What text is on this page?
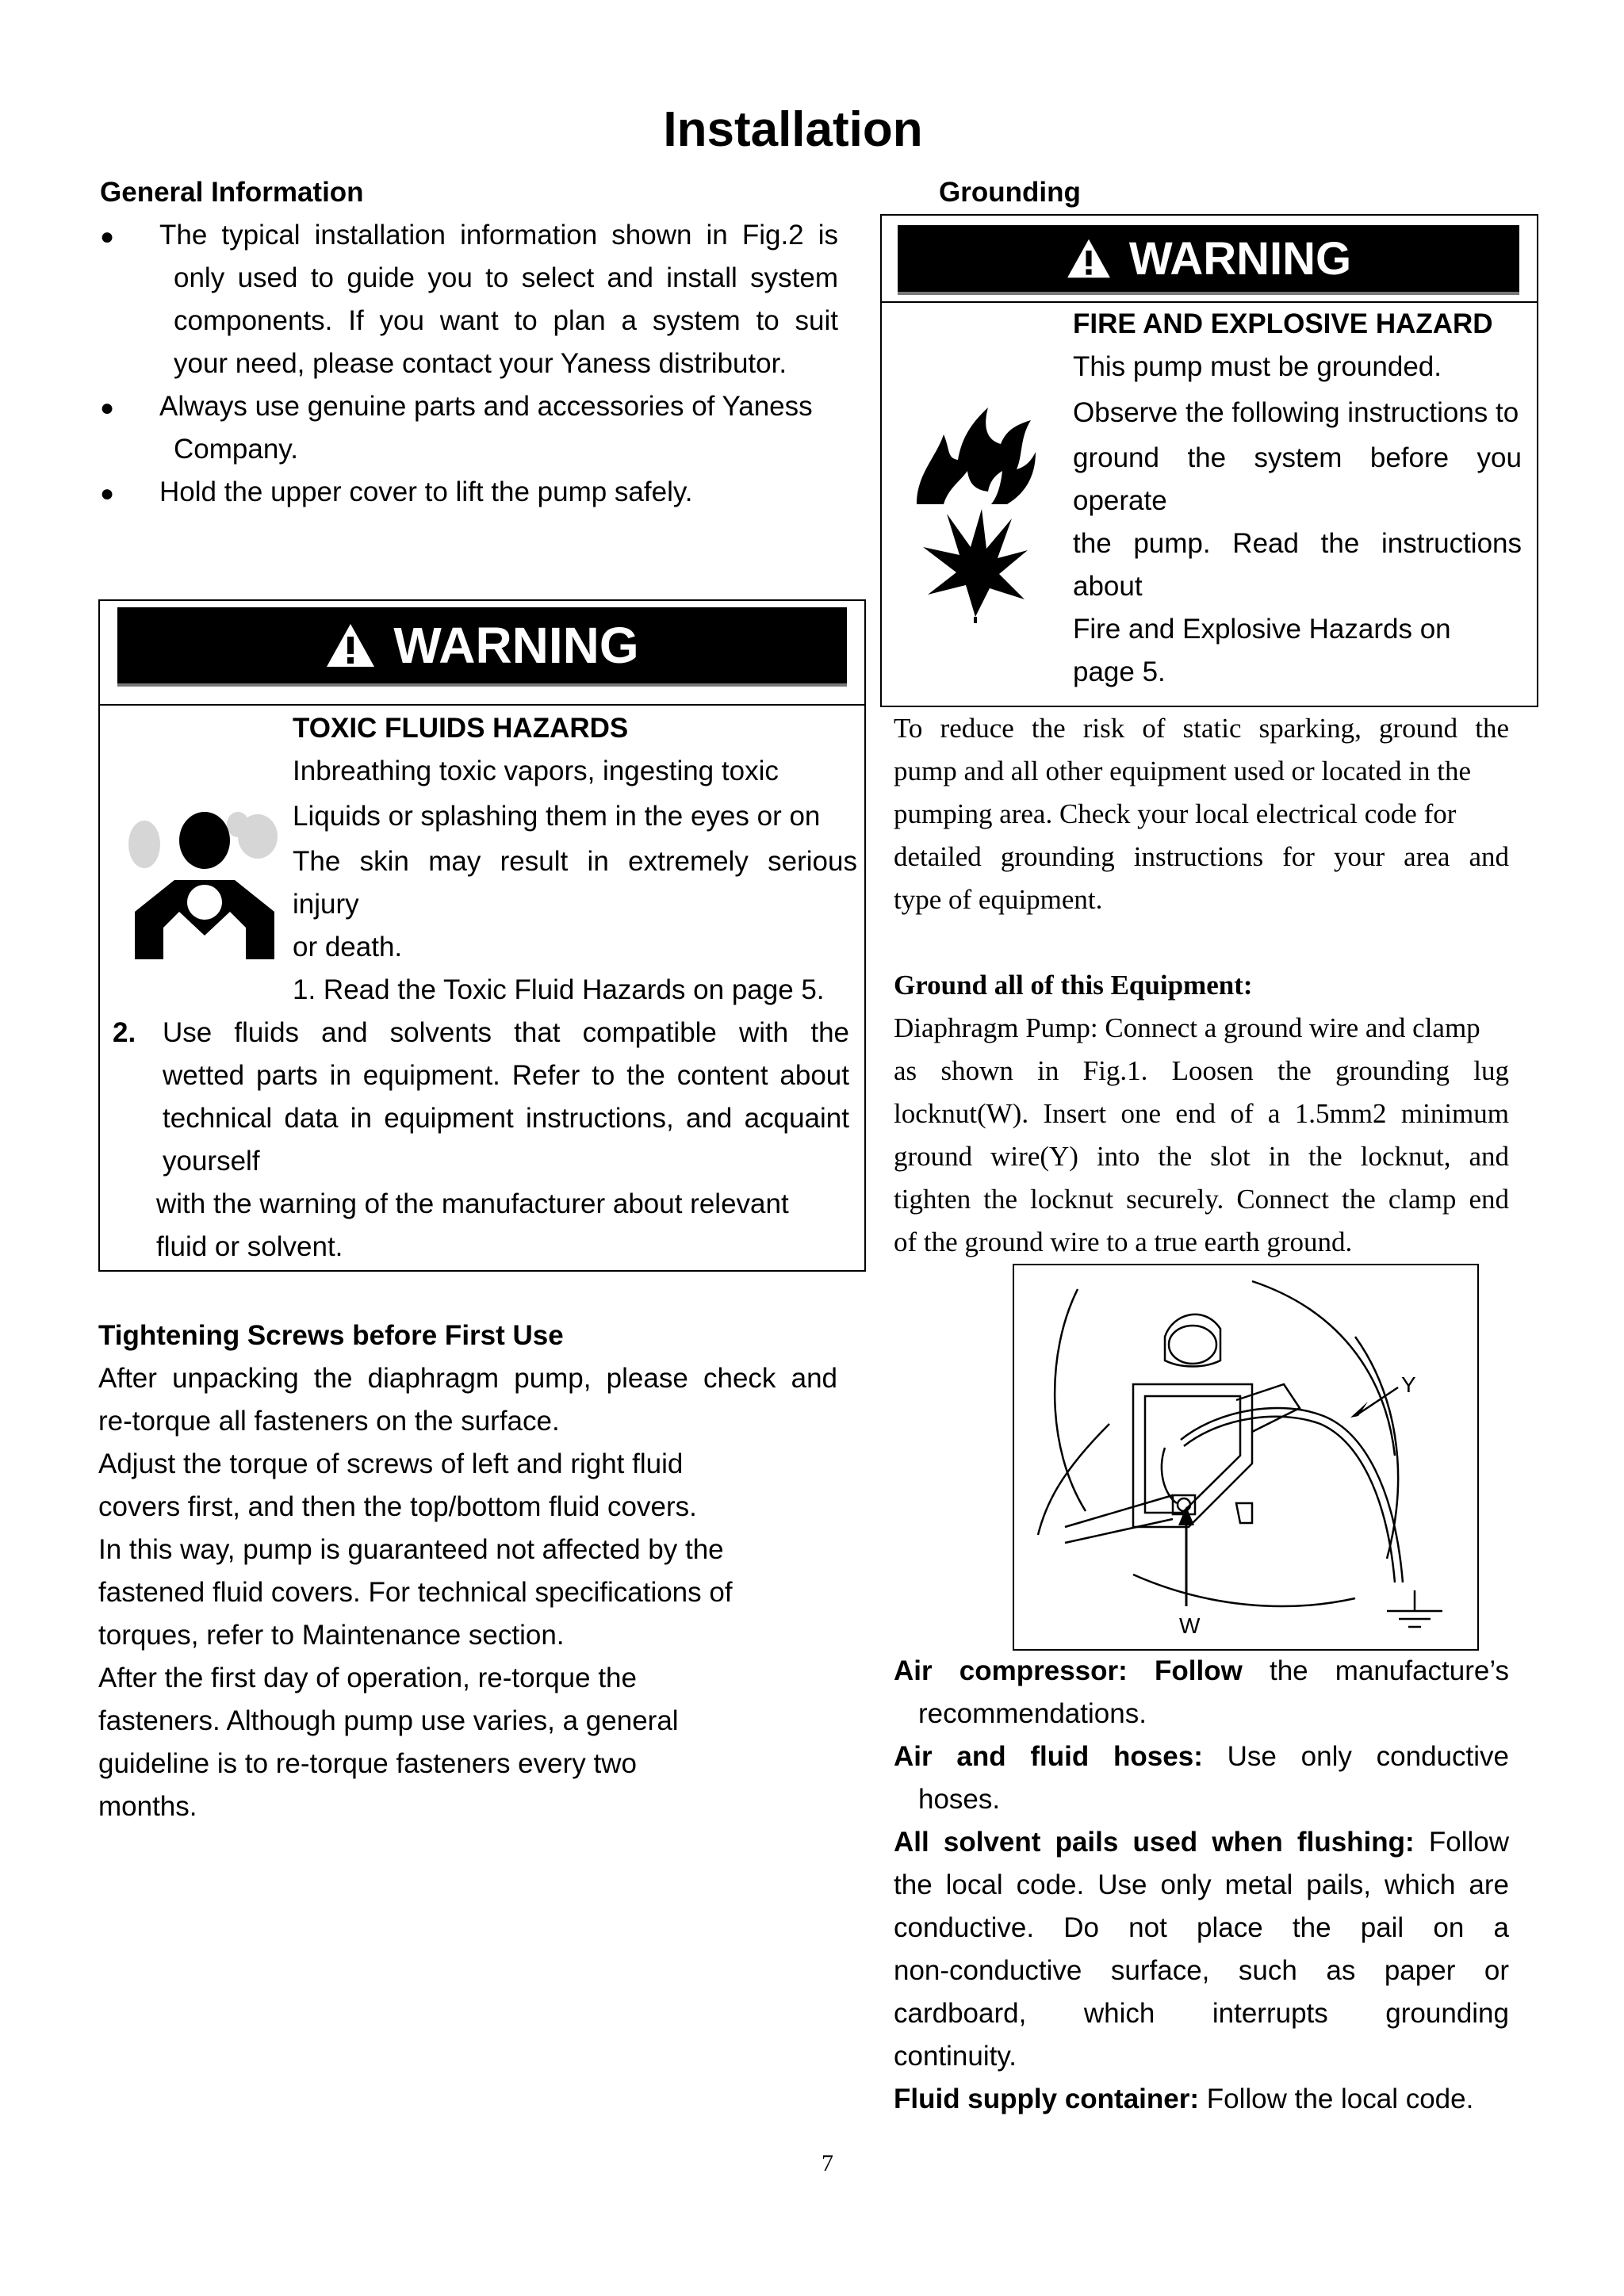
Installation
General Information
● The typical installation information shown in Fig.2 is
only used to guide you to select and install system
components. If you want to plan a system to suit
your need, please contact your Yaness distributor.
● Always use genuine parts and accessories of Yaness
Company.
● Hold the upper cover to lift the pump safely.
WARNING
TOXIC FLUIDS HAZARDS
Inbreathing toxic vapors, ingesting toxic
Liquids or splashing them in the eyes or on
The skin may result in extremely serious
injury
or death.
1. Read the Toxic Fluid Hazards on page 5.
2. Use fluids and solvents that compatible with the
wetted parts in equipment. Refer to the content about
technical data in equipment instructions, and acquaint
yourself
with the warning of the manufacturer about relevant
fluid or solvent.
Tightening Screws before First Use
After unpacking the diaphragm pump, please check and
re-torque all fasteners on the surface.
Adjust the torque of screws of left and right fluid
covers first, and then the top/bottom fluid covers.
In this way, pump is guaranteed not affected by the
fastened fluid covers. For technical specifications of
torques, refer to Maintenance section.
After the first day of operation, re-torque the
fasteners. Although pump use varies, a general
guideline is to re-torque fasteners every two
months.
Grounding
WARNING
FIRE AND EXPLOSIVE HAZARD
This pump must be grounded.
Observe the following instructions to
ground the system before you
operate
the pump. Read the instructions
about
Fire and Explosive Hazards on
page 5.
To reduce the risk of static sparking, ground the
pump and all other equipment used or located in the
pumping area. Check your local electrical code for
detailed grounding instructions for your area and
type of equipment.
Ground all of this Equipment:
Diaphragm Pump: Connect a ground wire and clamp
as shown in Fig.1. Loosen the grounding lug
locknut(W). Insert one end of a 1.5mm2 minimum
ground wire(Y) into the slot in the locknut, and
tighten the locknut securely. Connect the clamp end
of the ground wire to a true earth ground.
Y
W
Air compressor: Follow the manufacture’s
recommendations.
Air and fluid hoses: Use only conductive
hoses.
All solvent pails used when flushing: Follow
the local code. Use only metal pails, which are
conductive. Do not place the pail on a
non-conductive surface, such as paper or
cardboard, which interrupts grounding
continuity.
Fluid supply container: Follow the local code.
7
